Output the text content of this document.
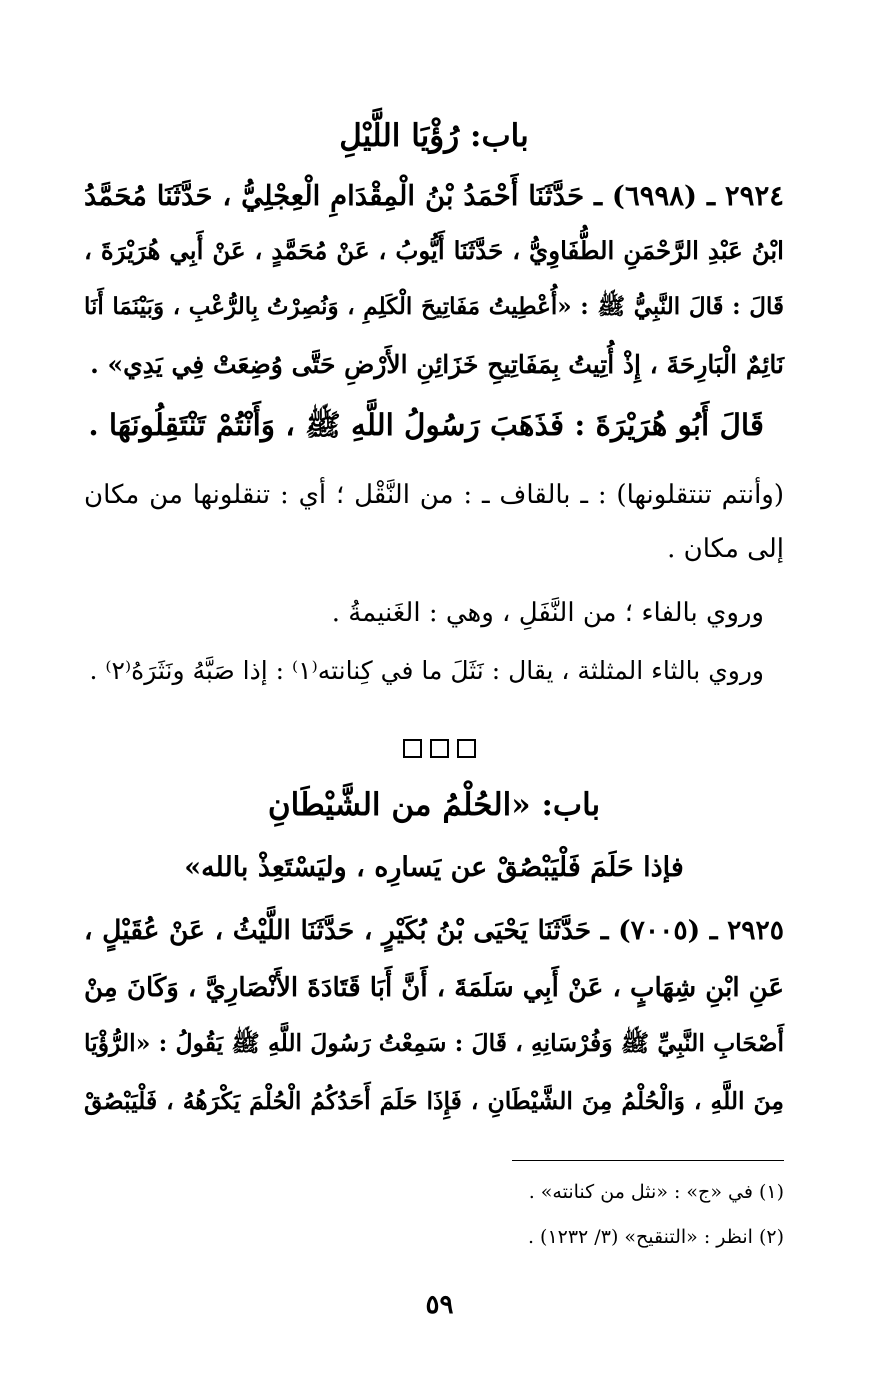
باب: رُؤْيَا اللَّيْلِ
٢٩٢٤ ـ (٦٩٩٨) ـ حَدَّثَنَا أَحْمَدُ بْنُ الْمِقْدَامِ الْعِجْلِيُّ ، حَدَّثَنَا مُحَمَّدُ
ابْنُ عَبْدِ الرَّحْمَنِ الطُّفَاوِيُّ ، حَدَّثَنَا أَيُّوبُ ، عَنْ مُحَمَّدٍ ، عَنْ أَبِي هُرَيْرَةَ ،
قَالَ : قَالَ النَّبِيُّ ﷺ : «أُعْطِيتُ مَفَاتِيحَ الْكَلِمِ ، وَنُصِرْتُ بِالرُّعْبِ ، وَبَيْنَمَا أَنَا
نَائِمٌ الْبَارِحَةَ ، إِذْ أُتِيتُ بِمَفَاتِيحِ خَزَائِنِ الأَرْضِ حَتَّى وُضِعَتْ فِي يَدِي» .
قَالَ أَبُو هُرَيْرَةَ : فَذَهَبَ رَسُولُ اللَّهِ ﷺ ، وَأَنْتُمْ تَنْتَقِلُونَهَا .
(وأنتم تنتقلونها) : ـ بالقاف ـ : من النَّقْل ؛ أي : تنقلونها من مكان
إلى مكان .
وروي بالفاء ؛ من النَّفَلِ ، وهي : الغَنيمةُ .
وروي بالثاء المثلثة ، يقال : نَثَلَ ما في كِنانته⁽١⁾ : إذا صَبَّهُ ونَثَرَهُ⁽٢⁾ .
باب: «الحُلْمُ من الشَّيْطَانِ
فإذا حَلَمَ فَلْيَبْصُقْ عن يَسارِه ، وليَسْتَعِذْ بالله»
٢٩٢٥ ـ (٧٠٠٥) ـ حَدَّثَنَا يَحْيَى بْنُ بُكَيْرٍ ، حَدَّثَنَا اللَّيْثُ ، عَنْ عُقَيْلٍ ،
عَنِ ابْنِ شِهَابٍ ، عَنْ أَبِي سَلَمَةَ ، أَنَّ أَبَا قَتَادَةَ الأَنْصَارِيَّ ، وَكَانَ مِنْ
أَصْحَابِ النَّبِيِّ ﷺ وَفُرْسَانِهِ ، قَالَ : سَمِعْتُ رَسُولَ اللَّهِ ﷺ يَقُولُ : «الرُّؤْيَا
مِنَ اللَّهِ ، وَالْحُلْمُ مِنَ الشَّيْطَانِ ، فَإِذَا حَلَمَ أَحَدُكُمُ الْحُلْمَ يَكْرَهُهُ ، فَلْيَبْصُقْ
(١) في «ج» : «نثل من كنانته» .
(٢) انظر : «التنقيح» (٣/ ١٢٣٢) .
٥٩
